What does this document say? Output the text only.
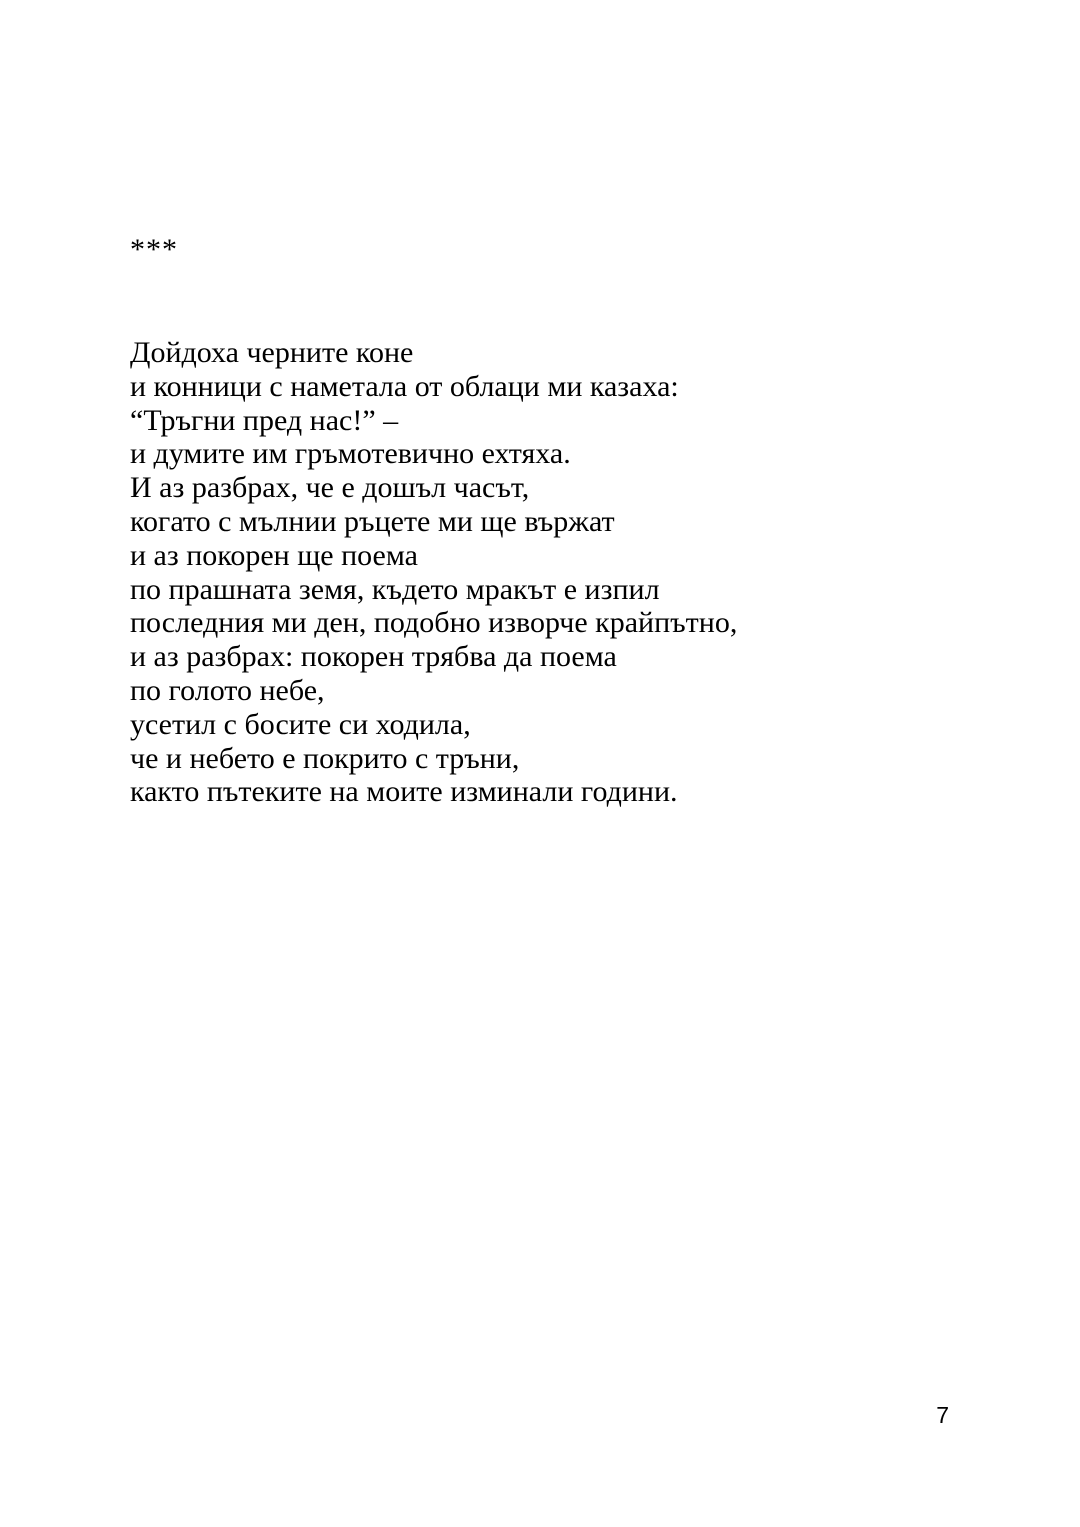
***
Дойдоха черните коне
и конници с наметала от облаци ми казаха:
“Тръгни пред нас!” –
и думите им гръмотевично ехтяха.
И аз разбрах, че е дошъл часът,
когато с мълнии ръцете ми ще вържат
и аз покорен ще поема
по прашната земя, където мракът е изпил
последния ми ден, подобно изворче крайпътно,
и аз разбрах: покорен трябва да поема
по голото небе,
усетил с босите си ходила,
че и небето е покрито с тръни,
както пътеките на моите изминали години.
7
